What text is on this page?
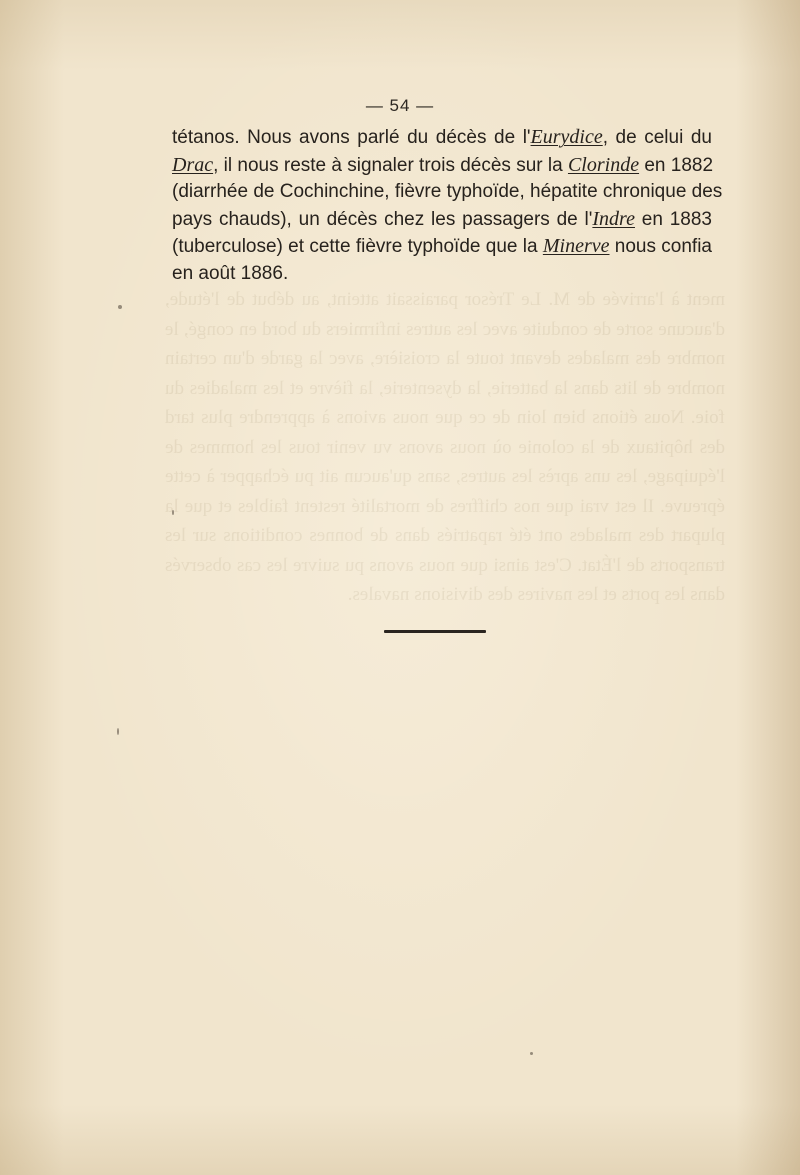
ment à l'arrivée de M. Le Trésor paraissait atteint, au début de l'étude, d'aucune sorte de conduite avec les autres infirmiers du bord en congé, le nombre des malades devant toute la croisière, avec la garde d'un certain nombre de lits dans la batterie, la dysenterie, la fièvre et les maladies du foie. Nous étions bien loin de ce que nous avions à apprendre plus tard des hôpitaux de la colonie où nous avons vu venir tous les hommes de l'équipage, les uns après les autres, sans qu'aucun ait pu échapper à cette épreuve. Il est vrai que nos chiffres de mortalité restent faibles et que la plupart des malades ont été rapatriés dans de bonnes conditions sur les transports de l'État. C'est ainsi que nous avons pu suivre les cas observés dans les ports et les navires des divisions navales.
— 54 —
tétanos. Nous avons parlé du décès de l'Eurydice, de celui du
Drac, il nous reste à signaler trois décès sur la Clorinde en 1882
(diarrhée de Cochinchine, fièvre typhoïde, hépatite chronique des
pays chauds), un décès chez les passagers de l'Indre en 1883
(tuberculose) et cette fièvre typhoïde que la Minerve nous confia
en août 1886.
